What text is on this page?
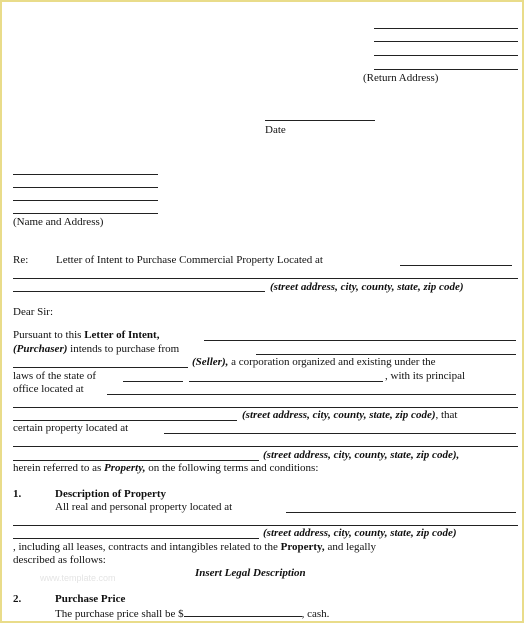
(Return Address)
Date
(Name and Address)
Re:	Letter of Intent to Purchase Commercial Property Located at
(street address, city, county, state, zip code)
Dear Sir:
Pursuant to this Letter of Intent,
(Purchaser) intends to purchase from
(Seller), a corporation organized and existing under the
laws of the state of	, with its principal
office located at
(street address, city, county, state, zip code), that
certain property located at
(street address, city, county, state, zip code),
herein referred to as Property, on the following terms and conditions:
1.	Description of Property
All real and personal property located at
(street address, city, county, state, zip code)
, including all leases, contracts and intangibles related to the Property, and legally
described as follows:
Insert Legal Description
www.template.com
2.	Purchase Price
The purchase price shall be $	, cash.
